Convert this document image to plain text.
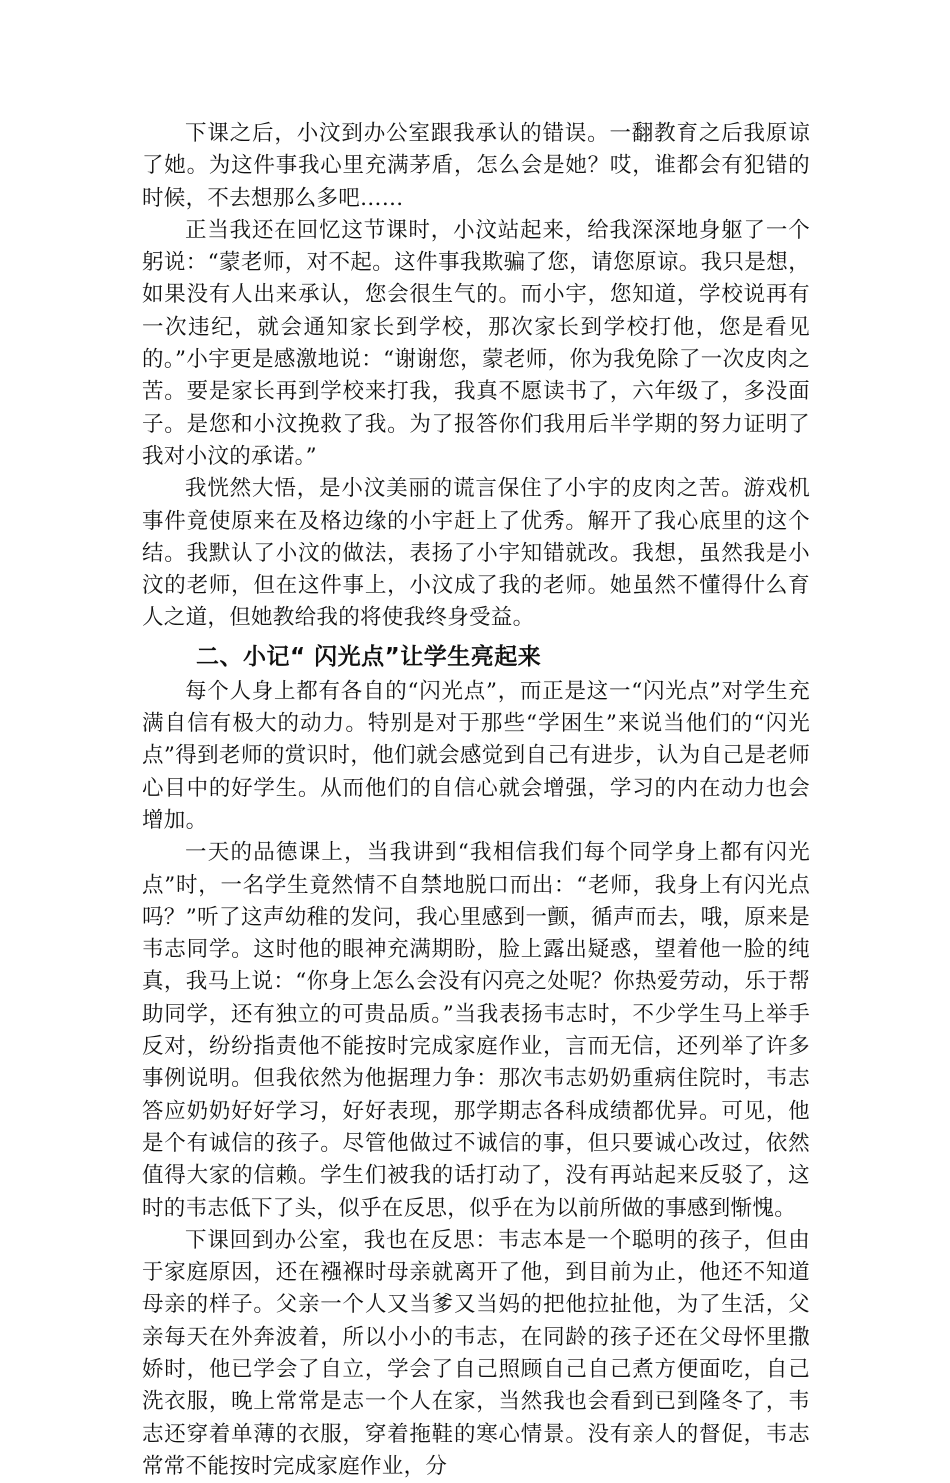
下课之后，小汶到办公室跟我承认的错误。一翻教育之后我原谅了她。为这件事我心里充满茅盾，怎么会是她？哎，谁都会有犯错的时候，不去想那么多吧……

正当我还在回忆这节课时，小汶站起来，给我深深地身躯了一个躬说：“蒙老师，对不起。这件事我欺骗了您，请您原谅。我只是想，如果没有人出来承认，您会很生气的。而小宇，您知道，学校说再有一次违纪，就会通知家长到学校，那次家长到学校打他，您是看见的。”小宇更是感激地说：“谢谢您，蒙老师，你为我免除了一次皮肉之苦。要是家长再到学校来打我，我真不愿读书了，六年级了，多没面子。是您和小汶挽救了我。为了报答你们我用后半学期的努力证明了我对小汶的承诺。”

我恍然大悟，是小汶美丽的谎言保住了小宇的皮肉之苦。游戏机事件竟使原来在及格边缘的小宇赶上了优秀。解开了我心底里的这个结。我默认了小汶的做法，表扬了小宇知错就改。我想，虽然我是小汶的老师，但在这件事上，小汶成了我的老师。她虽然不懂得什么育人之道，但她教给我的将使我终身受益。

二、小记“ 闪光点”让学生亮起来

每个人身上都有各自的“闪光点”，而正是这一“闪光点”对学生充满自信有极大的动力。特别是对于那些“学困生”来说当他们的“闪光点”得到老师的赏识时，他们就会感觉到自己有进步，认为自己是老师心目中的好学生。从而他们的自信心就会增强，学习的内在动力也会增加。

一天的品德课上，当我讲到“我相信我们每个同学身上都有闪光点”时，一名学生竟然情不自禁地脱口而出：“老师，我身上有闪光点吗？”听了这声幼稚的发问，我心里感到一颤，循声而去，哦，原来是韦志同学。这时他的眼神充满期盼，脸上露出疑惑，望着他一脸的纯真，我马上说：“你身上怎么会没有闪亮之处呢？你热爱劳动，乐于帮助同学，还有独立的可贵品质。”当我表扬韦志时，不少学生马上举手反对，纷纷指责他不能按时完成家庭作业，言而无信，还列举了许多事例说明。但我依然为他据理力争：那次韦志奶奶重病住院时，韦志答应奶奶好好学习，好好表现，那学期志各科成绩都优异。可见，他是个有诚信的孩子。尽管他做过不诚信的事，但只要诚心改过，依然值得大家的信赖。学生们被我的话打动了，没有再站起来反驳了，这时的韦志低下了头，似乎在反思，似乎在为以前所做的事感到惭愧。

下课回到办公室，我也在反思：韦志本是一个聪明的孩子，但由于家庭原因，还在襁褓时母亲就离开了他，到目前为止，他还不知道母亲的样子。父亲一个人又当爹又当妈的把他拉扯他，为了生活，父亲每天在外奔波着，所以小小的韦志，在同龄的孩子还在父母怀里撒娇时，他已学会了自立，学会了自己照顾自己自己煮方便面吃，自己洗衣服，晚上常常是志一个人在家，当然我也会看到已到隆冬了，韦志还穿着单薄的衣服，穿着拖鞋的寒心情景。没有亲人的督促，韦志常常不能按时完成家庭作业，分
